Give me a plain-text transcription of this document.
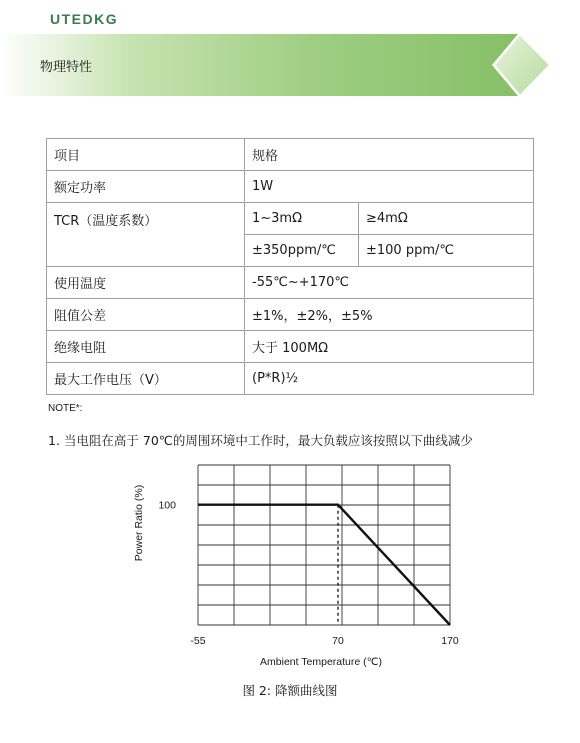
UTEDKG
物理特性
项目	规格	
额定功率	1W	
TCR（温度系数）	1~3mΩ	≥4mΩ
	±350ppm/℃	±100 ppm/℃
使用温度	-55℃~+170℃	
阻值公差	±1%，±2%，±5%	
绝缘电阻	大于 100MΩ	
最大工作电压（V）	(P*R)½	
NOTE*:
1. 当电阻在高于 70℃的周围环境中工作时，最大负载应该按照以下曲线减少
-55	70	170
100
Power Ratio (%)
Ambient Temperature (℃)
图 2: 降额曲线图
